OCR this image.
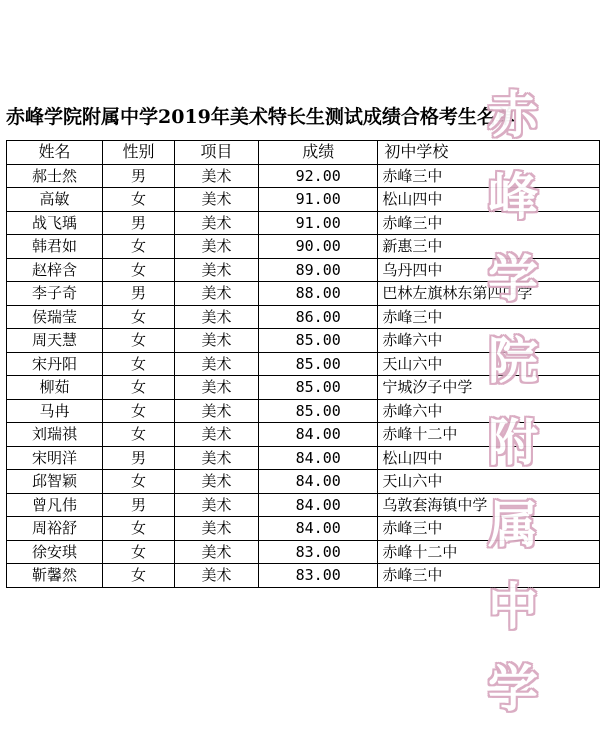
赤峰学院附属中学2019年美术特长生测试成绩合格考生名单
姓名	性别	项目	成绩	初中学校
郝士然	男	美术	92.00	赤峰三中
高敏	女	美术	91.00	松山四中
战飞瑀	男	美术	91.00	赤峰三中
韩君如	女	美术	90.00	新惠三中
赵梓含	女	美术	89.00	乌丹四中
李子奇	男	美术	88.00	巴林左旗林东第四中学
侯瑞莹	女	美术	86.00	赤峰三中
周天慧	女	美术	85.00	赤峰六中
宋丹阳	女	美术	85.00	天山六中
柳茹	女	美术	85.00	宁城汐子中学
马冉	女	美术	85.00	赤峰六中
刘瑞祺	女	美术	84.00	赤峰十二中
宋明洋	男	美术	84.00	松山四中
邱智颖	女	美术	84.00	天山六中
曾凡伟	男	美术	84.00	乌敦套海镇中学
周裕舒	女	美术	84.00	赤峰三中
徐安琪	女	美术	83.00	赤峰十二中
靳馨然	女	美术	83.00	赤峰三中
赤
峰
学
院
附
属
中
学
